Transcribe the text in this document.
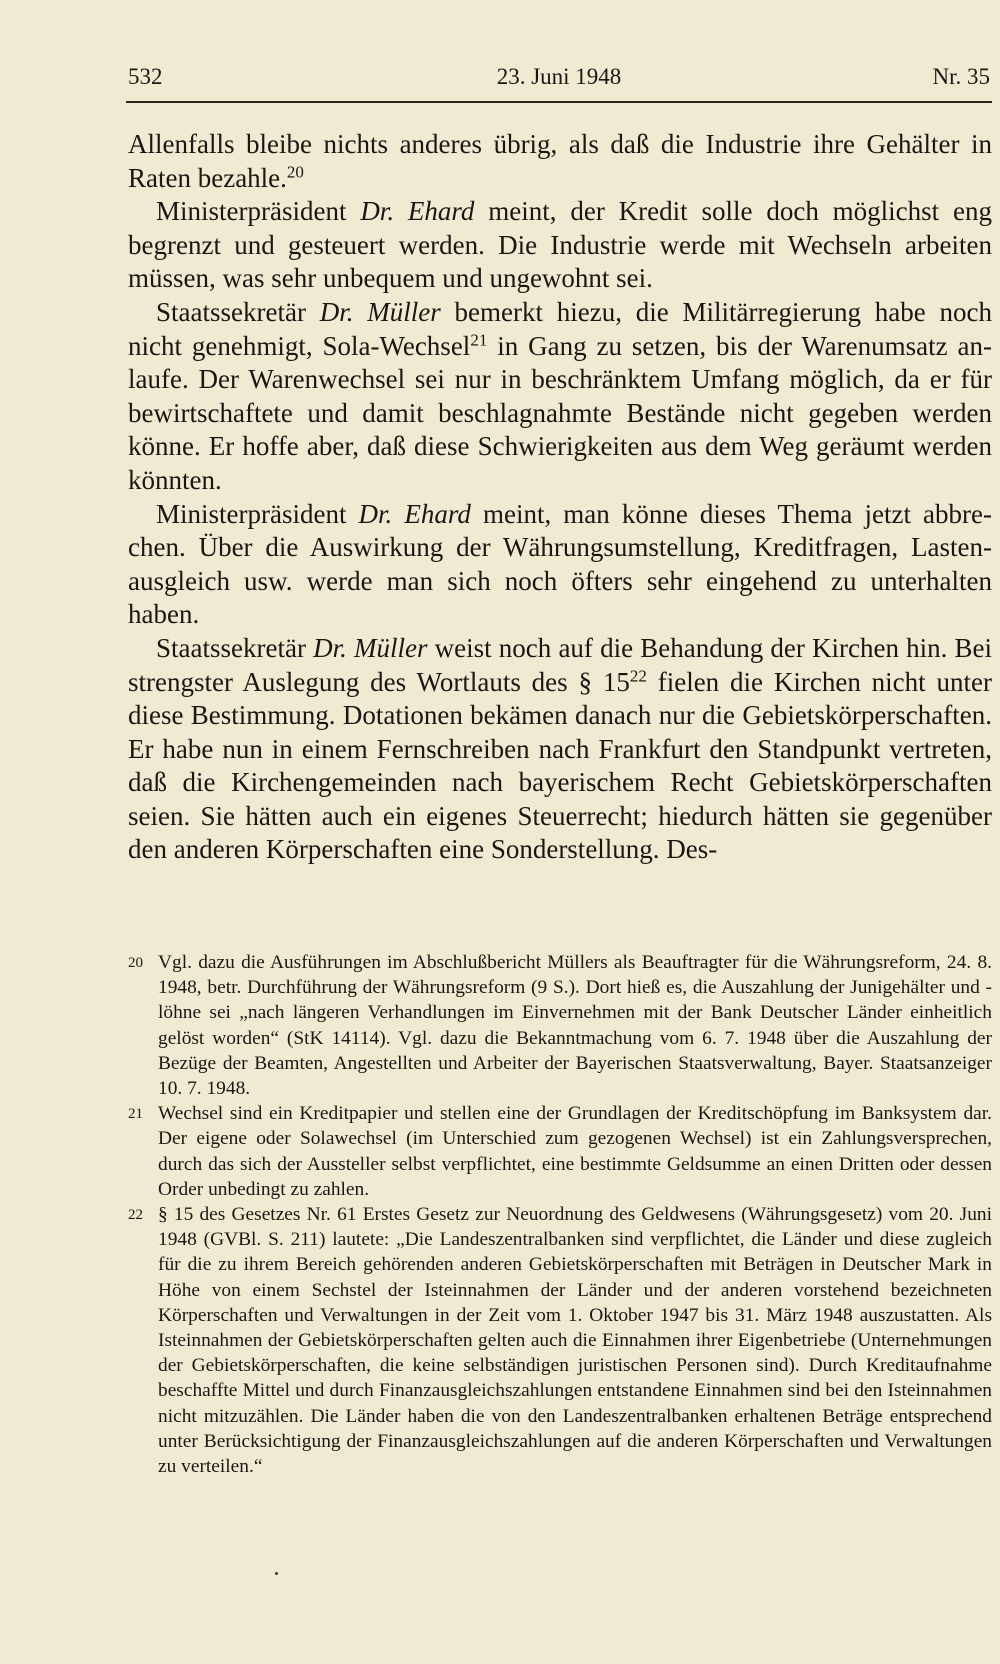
532	23. Juni 1948	Nr. 35

Allenfalls bleibe nichts anderes übrig, als daß die Industrie ihre Gehälter in Raten bezahle.$^{20}$

Ministerpräsident Dr. Ehard meint, der Kredit solle doch möglichst eng begrenzt und gesteuert werden. Die Industrie werde mit Wechseln arbeiten müssen, was sehr unbequem und ungewohnt sei.

Staatssekretär Dr. Müller bemerkt hiezu, die Militärregierung habe noch nicht genehmigt, Sola-Wechsel$^{21}$ in Gang zu setzen, bis der Warenumsatz anlaufe. Der Warenwechsel sei nur in beschränktem Umfang möglich, da er für bewirtschaftete und damit beschlagnahmte Bestände nicht gegeben werden könne. Er hoffe aber, daß diese Schwierigkeiten aus dem Weg geräumt werden könnten.

Ministerpräsident Dr. Ehard meint, man könne dieses Thema jetzt abbrechen. Über die Auswirkung der Währungsumstellung, Kreditfragen, Lastenausgleich usw. werde man sich noch öfters sehr eingehend zu unterhalten haben.

Staatssekretär Dr. Müller weist noch auf die Behandung der Kirchen hin. Bei strengster Auslegung des Wortlauts des § $15^{22}$ fielen die Kirchen nicht unter diese Bestimmung. Dotationen bekämen danach nur die Gebietskörperschaften. Er habe nun in einem Fernschreiben nach Frankfurt den Standpunkt vertreten, daß die Kirchengemeinden nach bayerischem Recht Gebietskörperschaften seien. Sie hätten auch ein eigenes Steuerrecht; hiedurch hätten sie gegenüber den anderen Körperschaften eine Sonderstellung. Des-

20 Vgl. dazu die Ausführungen im Abschlußbericht Müllers als Beauftragter für die Währungsreform, 24. 8. 1948, betr. Durchführung der Währungsreform (9 S.). Dort hieß es, die Auszahlung der Junigehälter und -löhne sei „nach längeren Verhandlungen im Einvernehmen mit der Bank Deutscher Länder einheitlich gelöst worden“ (StK 14114). Vgl. dazu die Bekanntmachung vom 6. 7. 1948 über die Auszahlung der Bezüge der Beamten, Angestellten und Arbeiter der Bayerischen Staatsverwaltung, Bayer. Staatsanzeiger 10. 7. 1948.

21 Wechsel sind ein Kreditpapier und stellen eine der Grundlagen der Kreditschöpfung im Banksystem dar. Der eigene oder Solawechsel (im Unterschied zum gezogenen Wechsel) ist ein Zahlungsversprechen, durch das sich der Aussteller selbst verpflichtet, eine bestimmte Geldsumme an einen Dritten oder dessen Order unbedingt zu zahlen.

22 § 15 des Gesetzes Nr. 61 Erstes Gesetz zur Neuordnung des Geldwesens (Währungsgesetz) vom 20. Juni 1948 (GVBl. S. 211) lautete: „Die Landeszentralbanken sind verpflichtet, die Länder und diese zugleich für die zu ihrem Bereich gehörenden anderen Gebietskörperschaften mit Beträgen in Deutscher Mark in Höhe von einem Sechstel der Isteinnahmen der Länder und der anderen vorstehend bezeichneten Körperschaften und Verwaltungen in der Zeit vom 1. Oktober 1947 bis 31. März 1948 auszustatten. Als Isteinnahmen der Gebietskörperschaften gelten auch die Einnahmen ihrer Eigenbetriebe (Unternehmungen der Gebietskörperschaften, die keine selbständigen juristischen Personen sind). Durch Kreditaufnahme beschaffte Mittel und durch Finanzausgleichszahlungen entstandene Einnahmen sind bei den Isteinnahmen nicht mitzuzählen. Die Länder haben die von den Landeszentralbanken erhaltenen Beträge entsprechend unter Berücksichtigung der Finanzausgleichszahlungen auf die anderen Körperschaften und Verwaltungen zu verteilen.“
